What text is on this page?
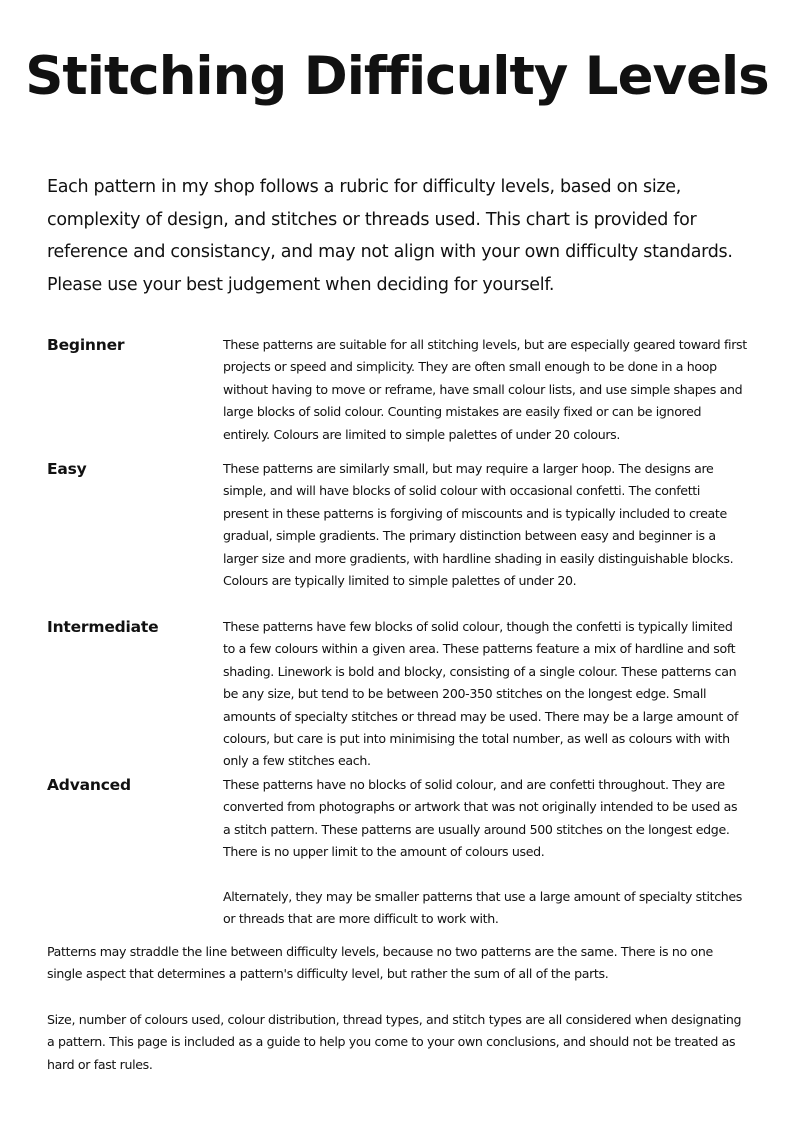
Stitching Difficulty Levels

Each pattern in my shop follows a rubric for difficulty levels, based on size, complexity of design, and stitches or threads used. This chart is provided for reference and consistancy, and may not align with your own difficulty standards. Please use your best judgement when deciding for yourself.

Beginner	These patterns are suitable for all stitching levels, but are especially geared toward first projects or speed and simplicity. They are often small enough to be done in a hoop without having to move or reframe, have small colour lists, and use simple shapes and large blocks of solid colour. Counting mistakes are easily fixed or can be ignored entirely. Colours are limited to simple palettes of under 20 colours.

Easy	These patterns are similarly small, but may require a larger hoop. The designs are simple, and will have blocks of solid colour with occasional confetti. The confetti present in these patterns is forgiving of miscounts and is typically included to create gradual, simple gradients. The primary distinction between easy and beginner is a larger size and more gradients, with hardline shading in easily distinguishable blocks. Colours are typically limited to simple palettes of under 20.

Intermediate	These patterns have few blocks of solid colour, though the confetti is typically limited to a few colours within a given area. These patterns feature a mix of hardline and soft shading. Linework is bold and blocky, consisting of a single colour. These patterns can be any size, but tend to be between 200-350 stitches on the longest edge. Small amounts of specialty stitches or thread may be used. There may be a large amount of colours, but care is put into minimising the total number, as well as colours with with only a few stitches each.

Advanced	These patterns have no blocks of solid colour, and are confetti throughout. They are converted from photographs or artwork that was not originally intended to be used as a stitch pattern. These patterns are usually around 500 stitches on the longest edge. There is no upper limit to the amount of colours used.

Alternately, they may be smaller patterns that use a large amount of specialty stitches or threads that are more difficult to work with.

Patterns may straddle the line between difficulty levels, because no two patterns are the same. There is no one single aspect that determines a pattern's difficulty level, but rather the sum of all of the parts.

Size, number of colours used, colour distribution, thread types, and stitch types are all considered when designating a pattern. This page is included as a guide to help you come to your own conclusions, and should not be treated as hard or fast rules.
